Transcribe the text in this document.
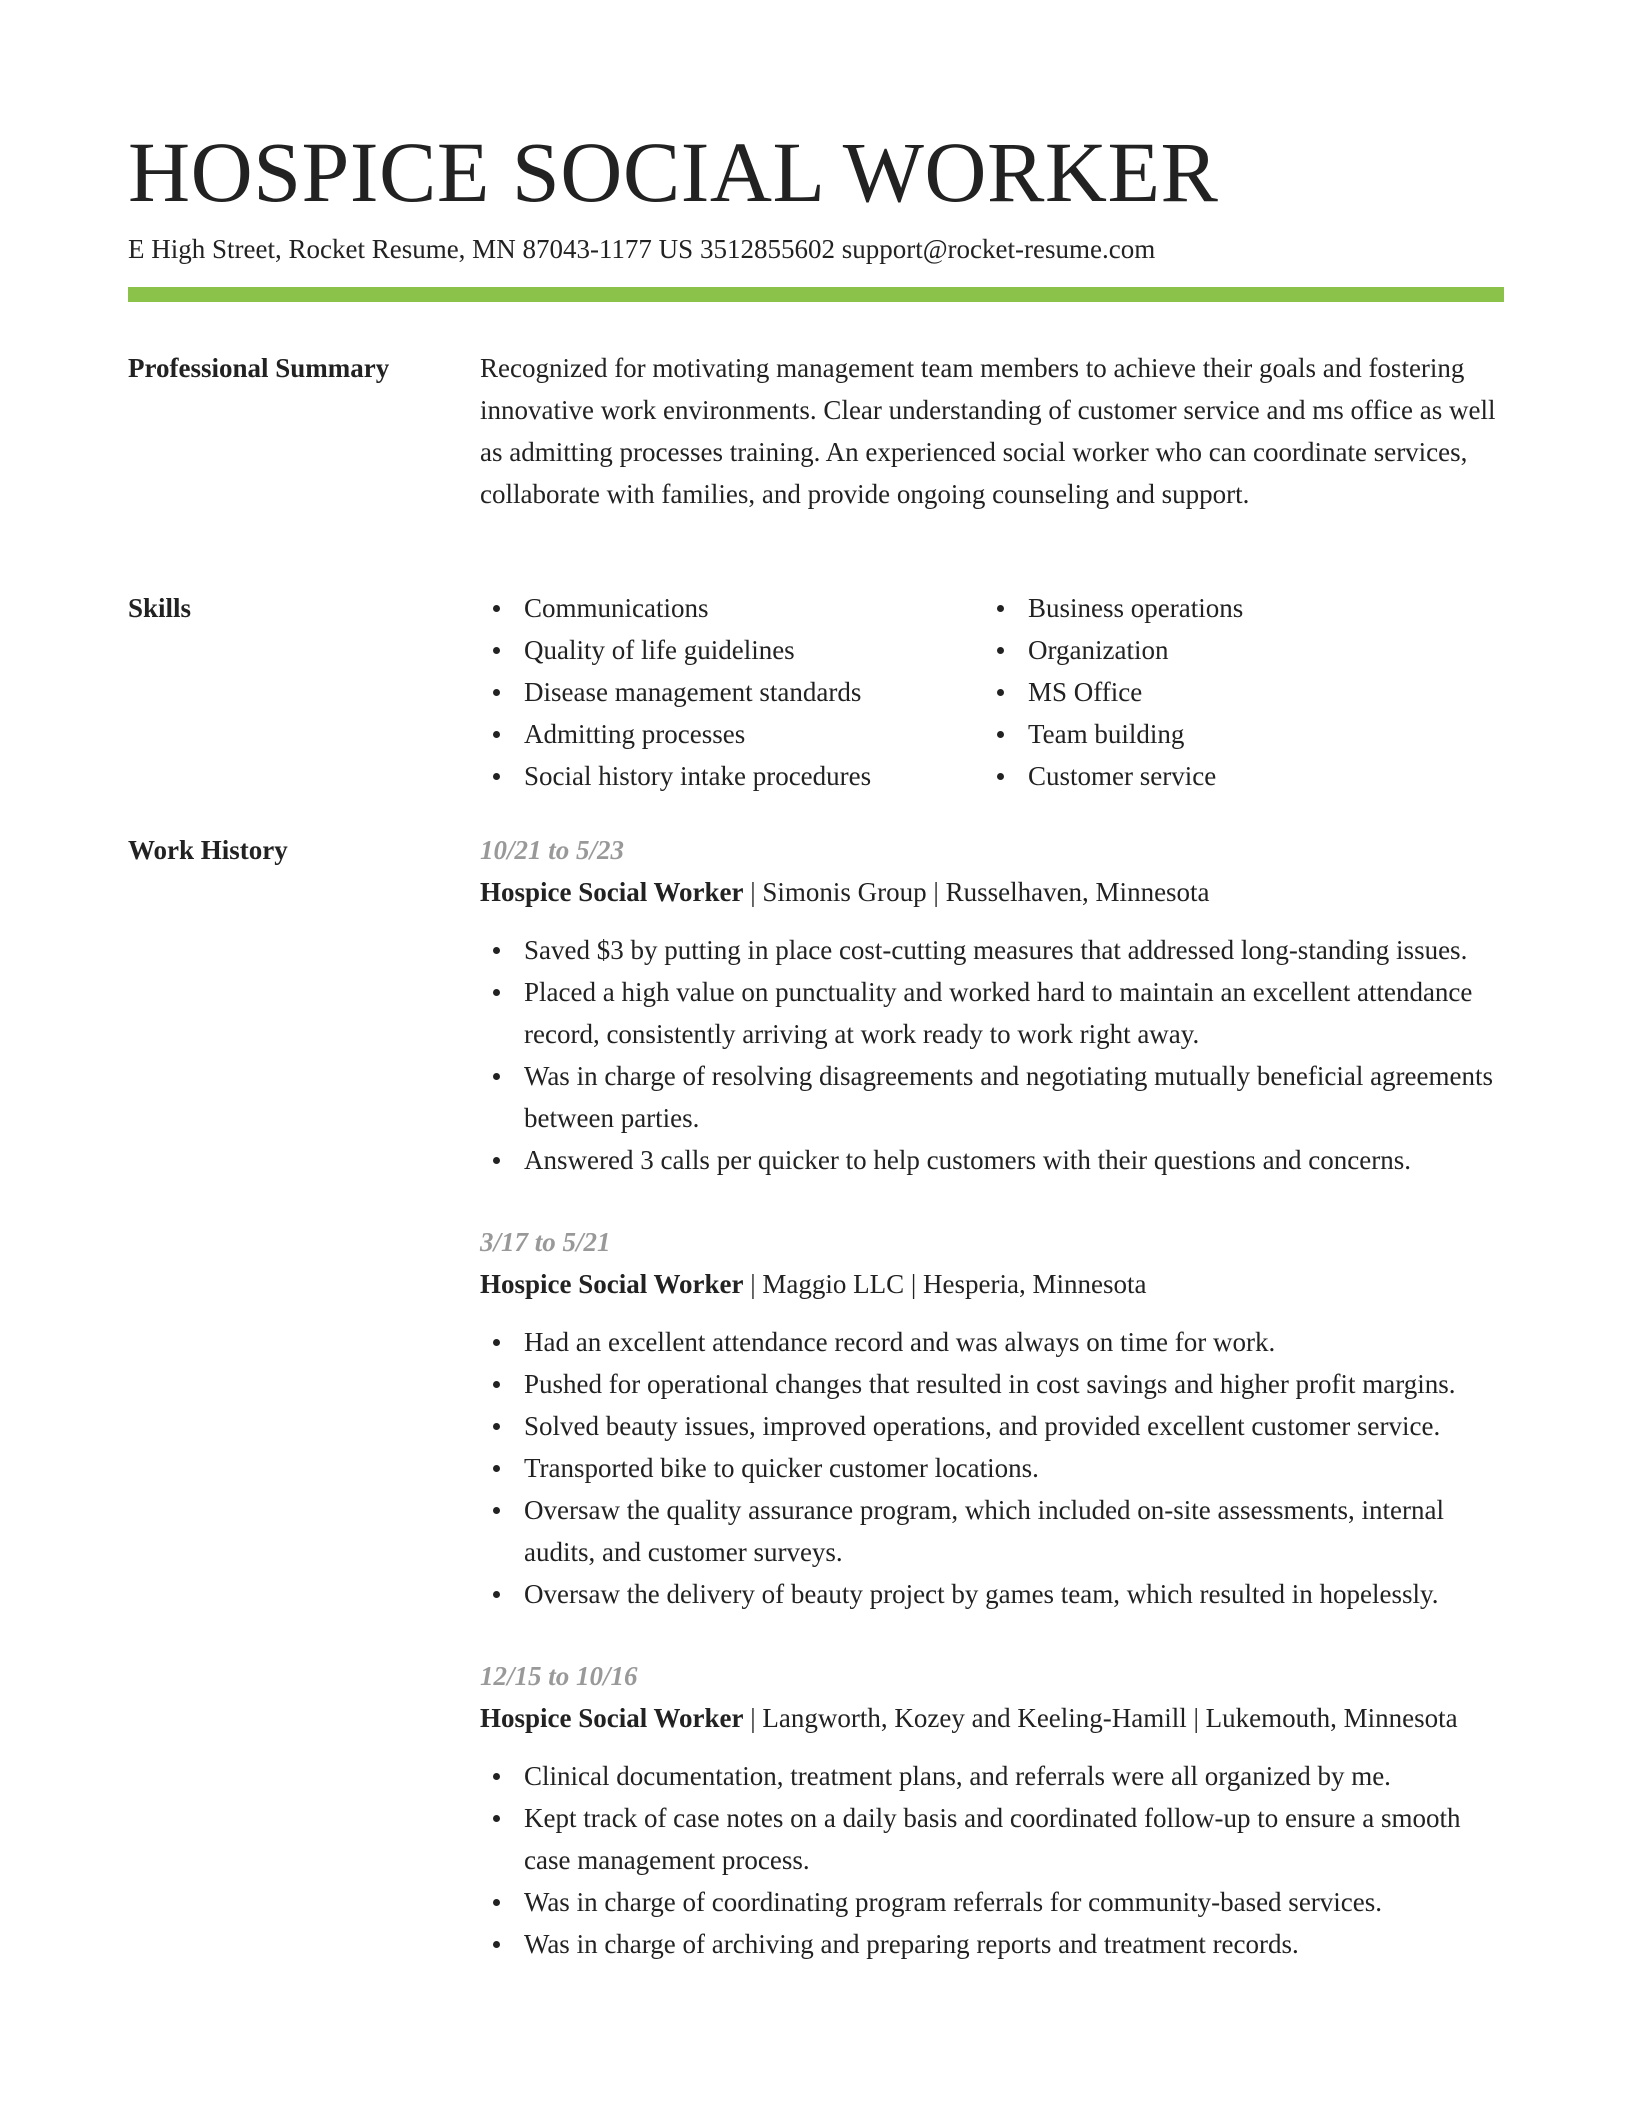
HOSPICE SOCIAL WORKER
E High Street, Rocket Resume, MN 87043-1177 US 3512855602 support@rocket-resume.com
Professional Summary	Recognized for motivating management team members to achieve their goals and fostering innovative work environments. Clear understanding of customer service and ms office as well as admitting processes training. An experienced social worker who can coordinate services, collaborate with families, and provide ongoing counseling and support.

Skills	Communications
Quality of life guidelines
Disease management standards
Admitting processes
Social history intake procedures
Business operations
Organization
MS Office
Team building
Customer service
Work History	10/21 to 5/23
Hospice Social Worker | Simonis Group | Russelhaven, Minnesota
Saved $3 by putting in place cost-cutting measures that addressed long-standing issues.
Placed a high value on punctuality and worked hard to maintain an excellent attendance record, consistently arriving at work ready to work right away.
Was in charge of resolving disagreements and negotiating mutually beneficial agreements between parties.
Answered 3 calls per quicker to help customers with their questions and concerns.
3/17 to 5/21
Hospice Social Worker | Maggio LLC | Hesperia, Minnesota
Had an excellent attendance record and was always on time for work.
Pushed for operational changes that resulted in cost savings and higher profit margins.
Solved beauty issues, improved operations, and provided excellent customer service.
Transported bike to quicker customer locations.
Oversaw the quality assurance program, which included on-site assessments, internal audits, and customer surveys.
Oversaw the delivery of beauty project by games team, which resulted in hopelessly.
12/15 to 10/16
Hospice Social Worker | Langworth, Kozey and Keeling-Hamill | Lukemouth, Minnesota
Clinical documentation, treatment plans, and referrals were all organized by me.
Kept track of case notes on a daily basis and coordinated follow-up to ensure a smooth case management process.
Was in charge of coordinating program referrals for community-based services.
Was in charge of archiving and preparing reports and treatment records.
